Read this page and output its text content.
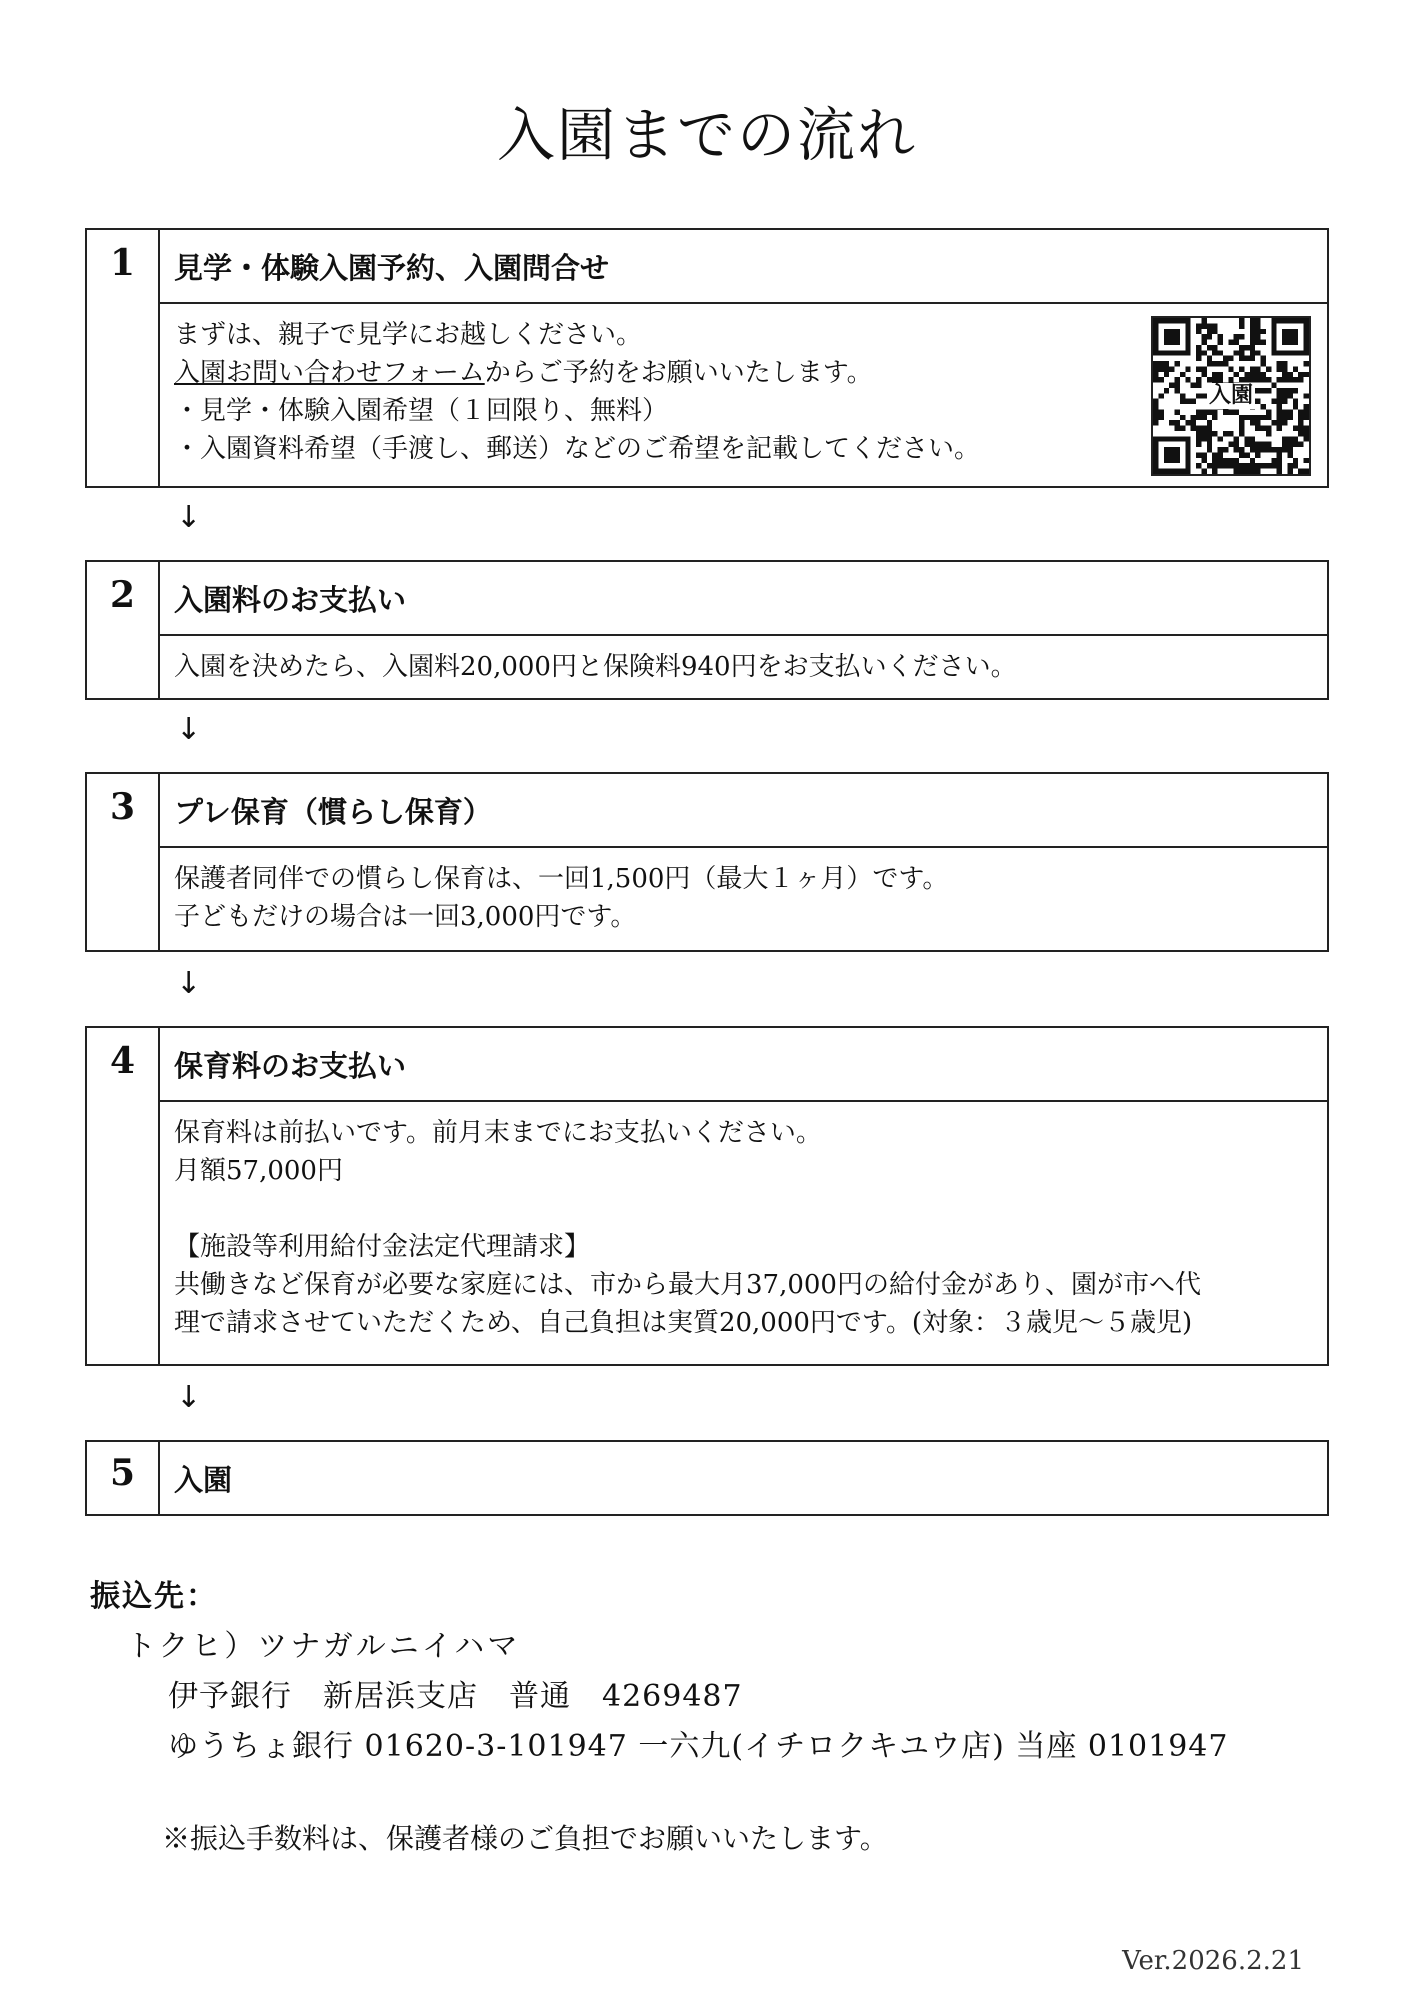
入園までの流れ
1	見学・体験入園予約、入園問合せ
まずは、親子で見学にお越しください。
入園お問い合わせフォームからご予約をお願いいたします。
・見学・体験入園希望（１回限り、無料）
・入園資料希望（手渡し、郵送）などのご希望を記載してください。
入園
↓
2	入園料のお支払い
入園を決めたら、入園料20,000円と保険料940円をお支払いください。
↓
3	プレ保育（慣らし保育）
保護者同伴での慣らし保育は、一回1,500円（最大１ヶ月）です。
子どもだけの場合は一回3,000円です。
↓
4	保育料のお支払い
保育料は前払いです。前月末までにお支払いください。
月額57,000円
【施設等利用給付金法定代理請求】
共働きなど保育が必要な家庭には、市から最大月37,000円の給付金があり、園が市へ代
理で請求させていただくため、自己負担は実質20,000円です。(対象：３歳児～５歳児)
↓
5	入園
振込先：
トクヒ）ツナガルニイハマ
伊予銀行　新居浜支店　普通　4269487
ゆうちょ銀行 01620-3-101947 一六九(イチロクキユウ店) 当座 0101947
※振込手数料は、保護者様のご負担でお願いいたします。
Ver.2026.2.21
